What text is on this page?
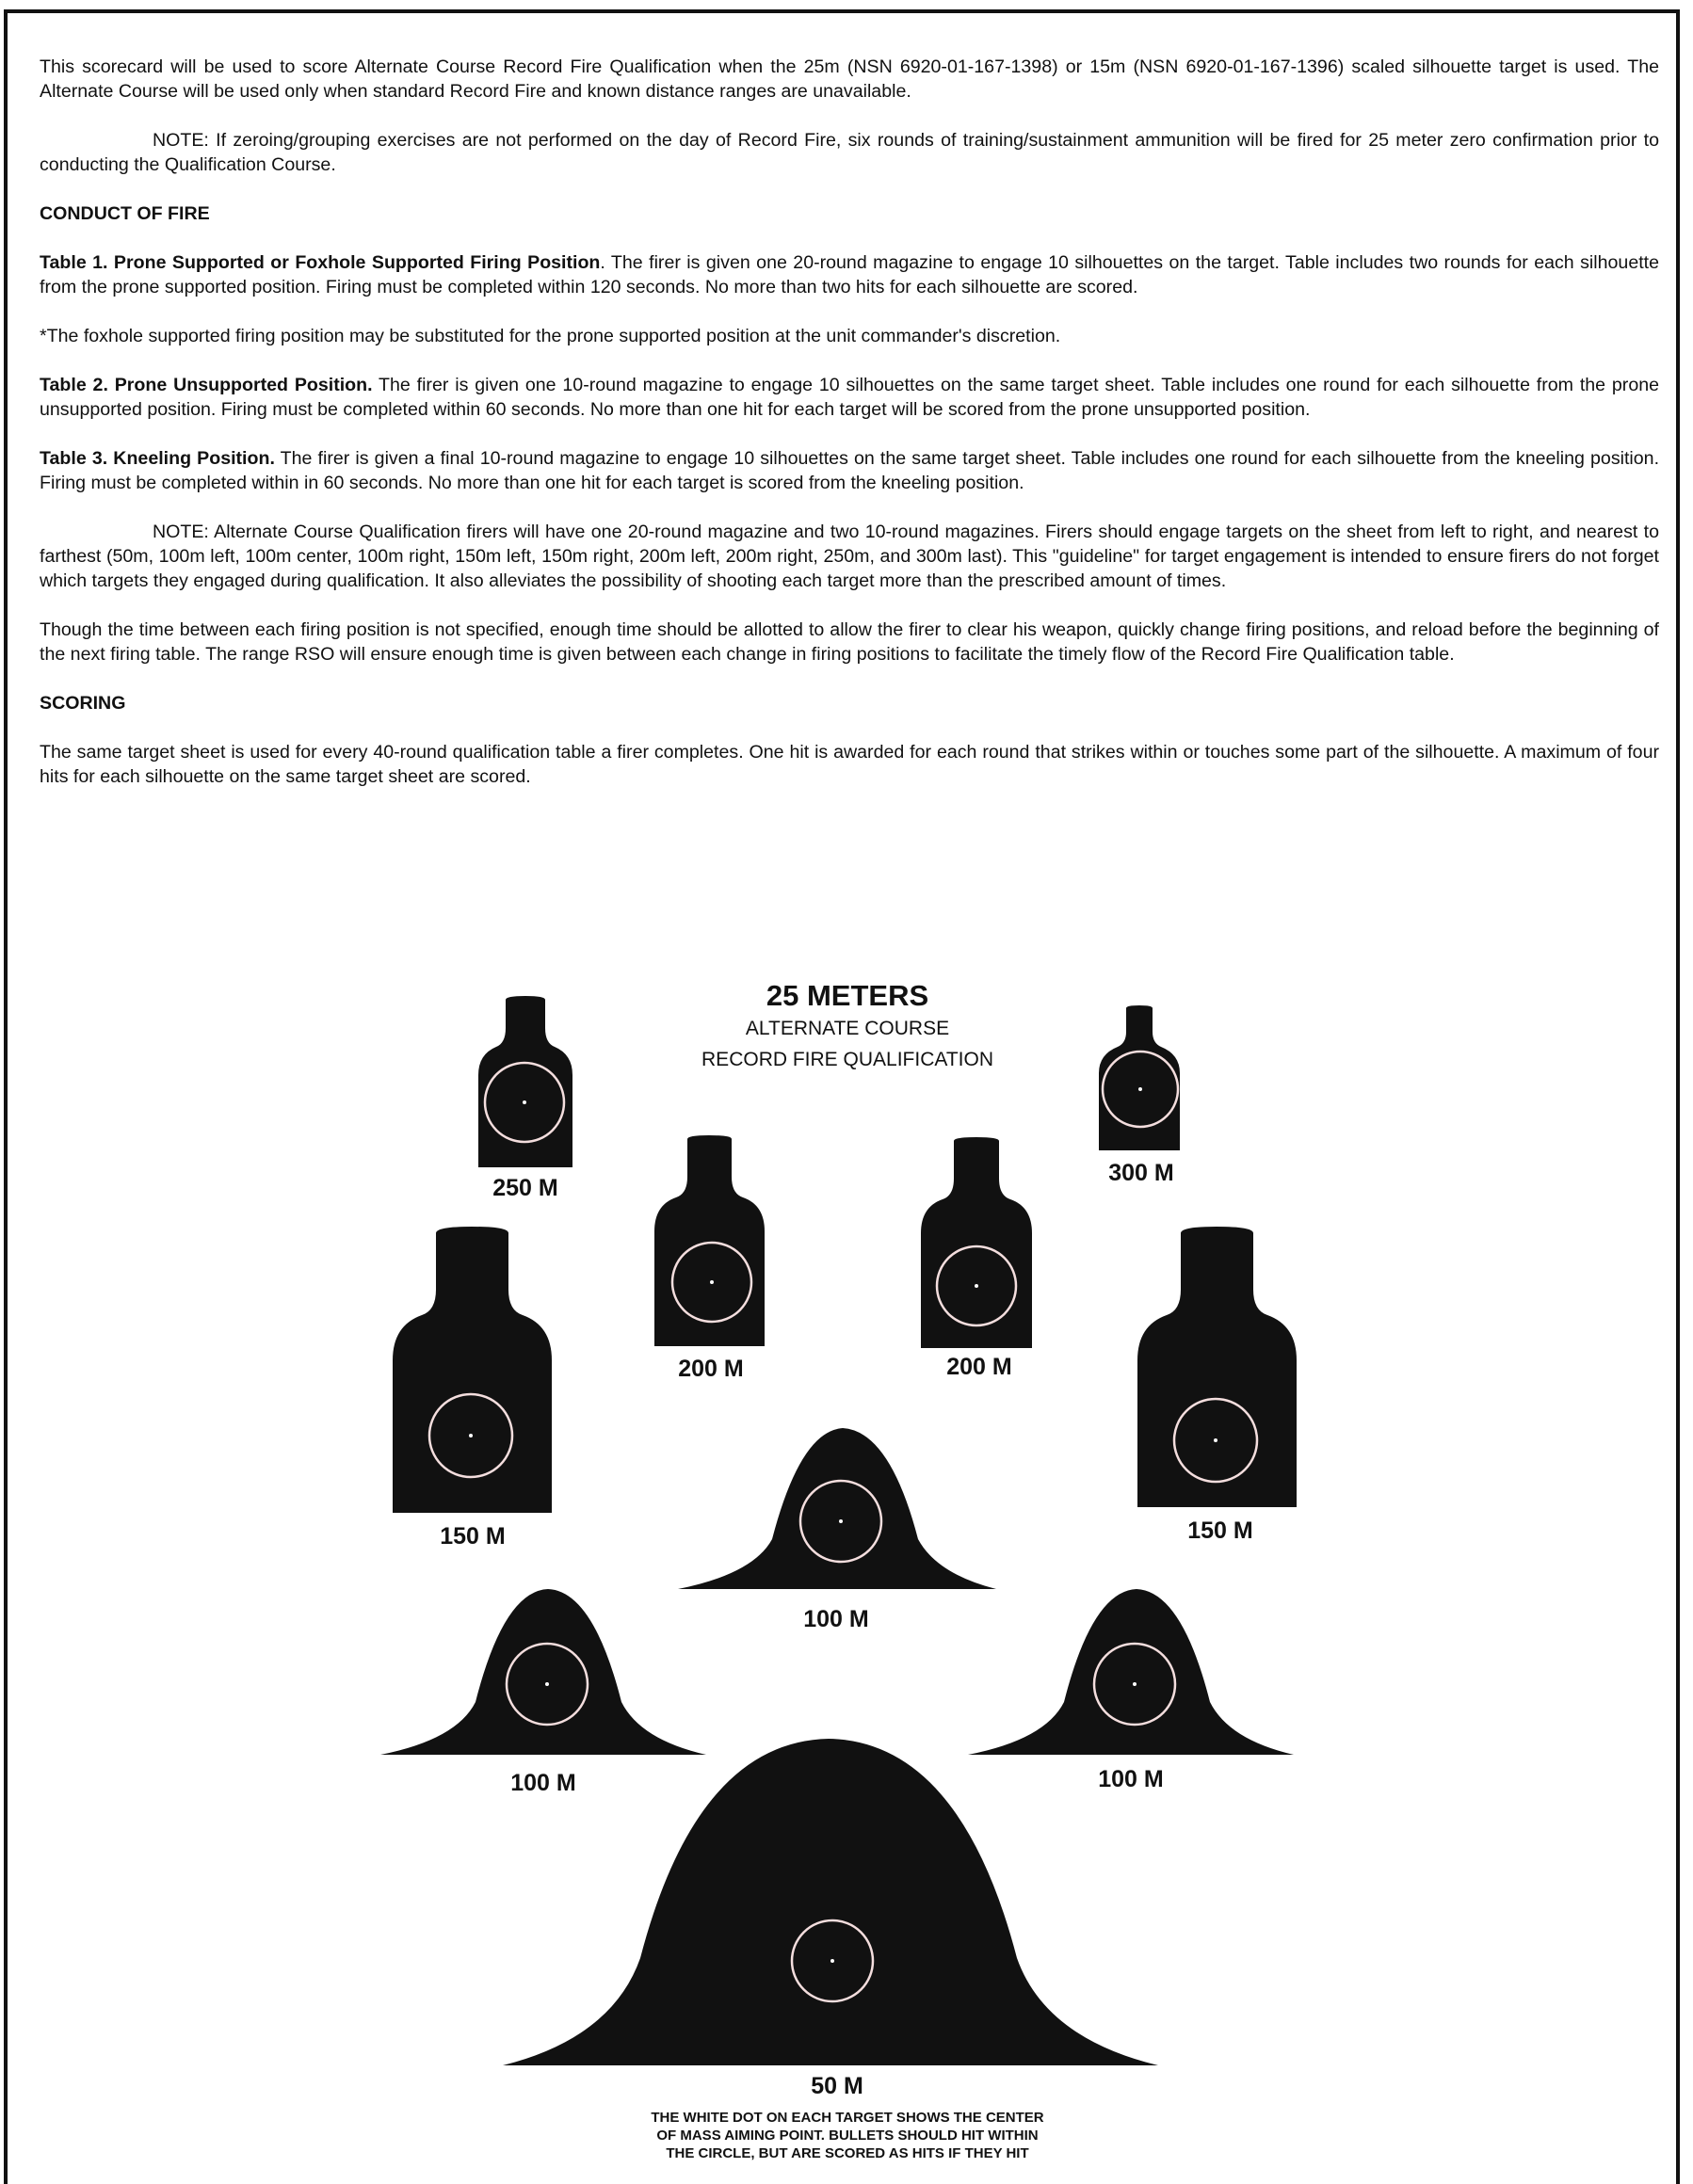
This scorecard will be used to score Alternate Course Record Fire Qualification when the 25m (NSN 6920-01-167-1398) or 15m (NSN 6920-01-167-1396) scaled silhouette target is used. The Alternate Course will be used only when standard Record Fire and known distance ranges are unavailable.

NOTE: If zeroing/grouping exercises are not performed on the day of Record Fire, six rounds of training/sustainment ammunition will be fired for 25 meter zero confirmation prior to conducting the Qualification Course.

CONDUCT OF FIRE

Table 1. Prone Supported or Foxhole Supported Firing Position. The firer is given one 20-round magazine to engage 10 silhouettes on the target. Table includes two rounds for each silhouette from the prone supported position. Firing must be completed within 120 seconds. No more than two hits for each silhouette are scored.

*The foxhole supported firing position may be substituted for the prone supported position at the unit commander's discretion.

Table 2. Prone Unsupported Position. The firer is given one 10-round magazine to engage 10 silhouettes on the same target sheet. Table includes one round for each silhouette from the prone unsupported position. Firing must be completed within 60 seconds. No more than one hit for each target will be scored from the prone unsupported position.

Table 3. Kneeling Position. The firer is given a final 10-round magazine to engage 10 silhouettes on the same target sheet. Table includes one round for each silhouette from the kneeling position. Firing must be completed within in 60 seconds. No more than one hit for each target is scored from the kneeling position.

NOTE: Alternate Course Qualification firers will have one 20-round magazine and two 10-round magazines. Firers should engage targets on the sheet from left to right, and nearest to farthest (50m, 100m left, 100m center, 100m right, 150m left, 150m right, 200m left, 200m right, 250m, and 300m last). This "guideline" for target engagement is intended to ensure firers do not forget which targets they engaged during qualification. It also alleviates the possibility of shooting each target more than the prescribed amount of times.

Though the time between each firing position is not specified, enough time should be allotted to allow the firer to clear his weapon, quickly change firing positions, and reload before the beginning of the next firing table. The range RSO will ensure enough time is given between each change in firing positions to facilitate the timely flow of the Record Fire Qualification table.

SCORING

The same target sheet is used for every 40-round qualification table a firer completes. One hit is awarded for each round that strikes within or touches some part of the silhouette. A maximum of four hits for each silhouette on the same target sheet are scored.

25 METERS
ALTERNATE COURSE
RECORD FIRE QUALIFICATION
250 M
300 M
200 M	200 M
150 M	150 M
100 M
100 M	100 M
50 M
THE WHITE DOT ON EACH TARGET SHOWS THE CENTER
OF MASS AIMING POINT. BULLETS SHOULD HIT WITHIN
THE CIRCLE, BUT ARE SCORED AS HITS IF THEY HIT
